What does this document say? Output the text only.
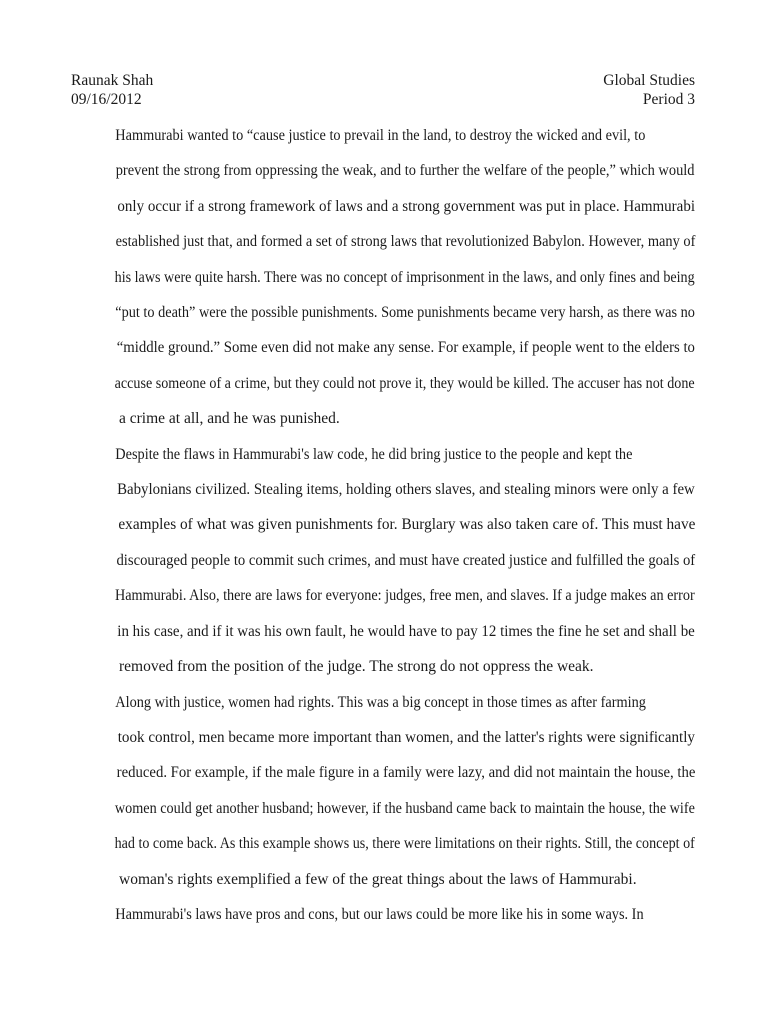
Raunak Shah	Global Studies
09/16/2012	Period 3

Hammurabi wanted to “cause justice to prevail in the land, to destroy the wicked and evil, to
prevent the strong from oppressing the weak, and to further the welfare of the people,” which would
only occur if a strong framework of laws and a strong government was put in place. Hammurabi
established just that, and formed a set of strong laws that revolutionized Babylon. However, many of
his laws were quite harsh. There was no concept of imprisonment in the laws, and only fines and being
“put to death” were the possible punishments. Some punishments became very harsh, as there was no
“middle ground.” Some even did not make any sense. For example, if people went to the elders to
accuse someone of a crime, but they could not prove it, they would be killed. The accuser has not done
a crime at all, and he was punished.

Despite the flaws in Hammurabi's law code, he did bring justice to the people and kept the
Babylonians civilized. Stealing items, holding others slaves, and stealing minors were only a few
examples of what was given punishments for. Burglary was also taken care of. This must have
discouraged people to commit such crimes, and must have created justice and fulfilled the goals of
Hammurabi. Also, there are laws for everyone: judges, free men, and slaves. If a judge makes an error
in his case, and if it was his own fault, he would have to pay 12 times the fine he set and shall be
removed from the position of the judge. The strong do not oppress the weak.

Along with justice, women had rights. This was a big concept in those times as after farming
took control, men became more important than women, and the latter's rights were significantly
reduced. For example, if the male figure in a family were lazy, and did not maintain the house, the
women could get another husband; however, if the husband came back to maintain the house, the wife
had to come back. As this example shows us, there were limitations on their rights. Still, the concept of
woman's rights exemplified a few of the great things about the laws of Hammurabi.

Hammurabi's laws have pros and cons, but our laws could be more like his in some ways. In
